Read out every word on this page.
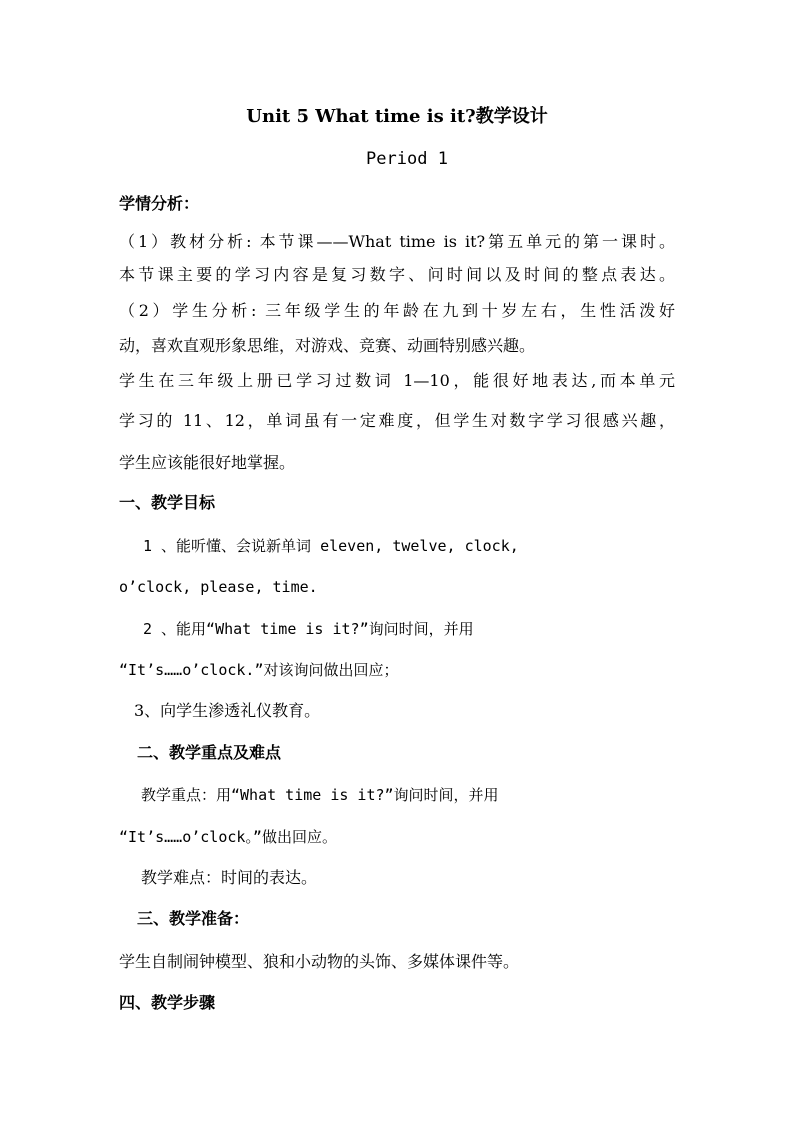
Unit 5 What time is it?教学设计
Period 1
学情分析：
（1）教材分析: 本节课——What time is it?第五单元的第一课时。
本节课主要的学习内容是复习数字、问时间以及时间的整点表达。
（2）学生分析: 三年级学生的年龄在九到十岁左右，生性活泼好
动，喜欢直观形象思维，对游戏、竞赛、动画特别感兴趣。
学生在三年级上册已学习过数词 1—10，能很好地表达,而本单元
学习的 11、12，单词虽有一定难度，但学生对数字学习很感兴趣，
学生应该能很好地掌握。
一、教学目标
1 、能听懂、会说新单词 eleven, twelve, clock,
o’clock, please, time.
2 、能用“What time is it?”询问时间，并用
“It’s……o’clock.”对该询问做出回应；
3、向学生渗透礼仪教育。
二、教学重点及难点
教学重点：用“What time is it?”询问时间，并用
“It’s……o’clock。”做出回应。
教学难点：时间的表达。
三、教学准备：
学生自制闹钟模型、狼和小动物的头饰、多媒体课件等。
四、教学步骤
